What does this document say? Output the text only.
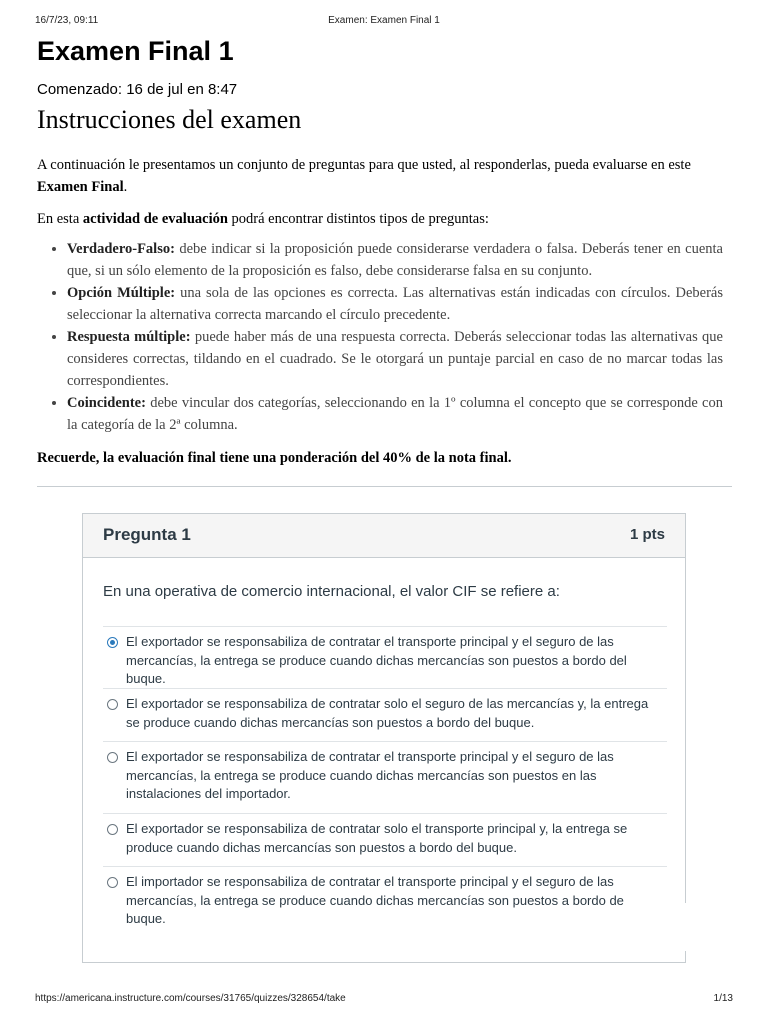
16/7/23, 09:11	Examen: Examen Final 1
Examen Final 1
Comenzado: 16 de jul en 8:47
Instrucciones del examen

A continuación le presentamos un conjunto de preguntas para que usted, al responderlas, pueda evaluarse en este Examen Final.

En esta actividad de evaluación podrá encontrar distintos tipos de preguntas:

• Verdadero-Falso: debe indicar si la proposición puede considerarse verdadera o falsa. Deberás tener en cuenta que, si un sólo elemento de la proposición es falso, debe considerarse falsa en su conjunto.
• Opción Múltiple: una sola de las opciones es correcta. Las alternativas están indicadas con círculos. Deberás seleccionar la alternativa correcta marcando el círculo precedente.
• Respuesta múltiple: puede haber más de una respuesta correcta. Deberás seleccionar todas las alternativas que consideres correctas, tildando en el cuadrado. Se le otorgará un puntaje parcial en caso de no marcar todas las correspondientes.
• Coincidente: debe vincular dos categorías, seleccionando en la 1º columna el concepto que se corresponde con la categoría de la 2ª columna.

Recuerde, la evaluación final tiene una ponderación del 40% de la nota final.

Pregunta 1	1 pts
En una operativa de comercio internacional, el valor CIF se refiere a:
El exportador se responsabiliza de contratar el transporte principal y el seguro de las mercancías, la entrega se produce cuando dichas mercancías son puestos a bordo del buque.
El exportador se responsabiliza de contratar solo el seguro de las mercancías y, la entrega se produce cuando dichas mercancías son puestos a bordo del buque.
El exportador se responsabiliza de contratar el transporte principal y el seguro de las mercancías, la entrega se produce cuando dichas mercancías son puestos en las instalaciones del importador.
El exportador se responsabiliza de contratar solo el transporte principal y, la entrega se produce cuando dichas mercancías son puestos a bordo del buque.
El importador se responsabiliza de contratar el transporte principal y el seguro de las mercancías, la entrega se produce cuando dichas mercancías son puestos a bordo de buque.
https://americana.instructure.com/courses/31765/quizzes/328654/take	1/13
